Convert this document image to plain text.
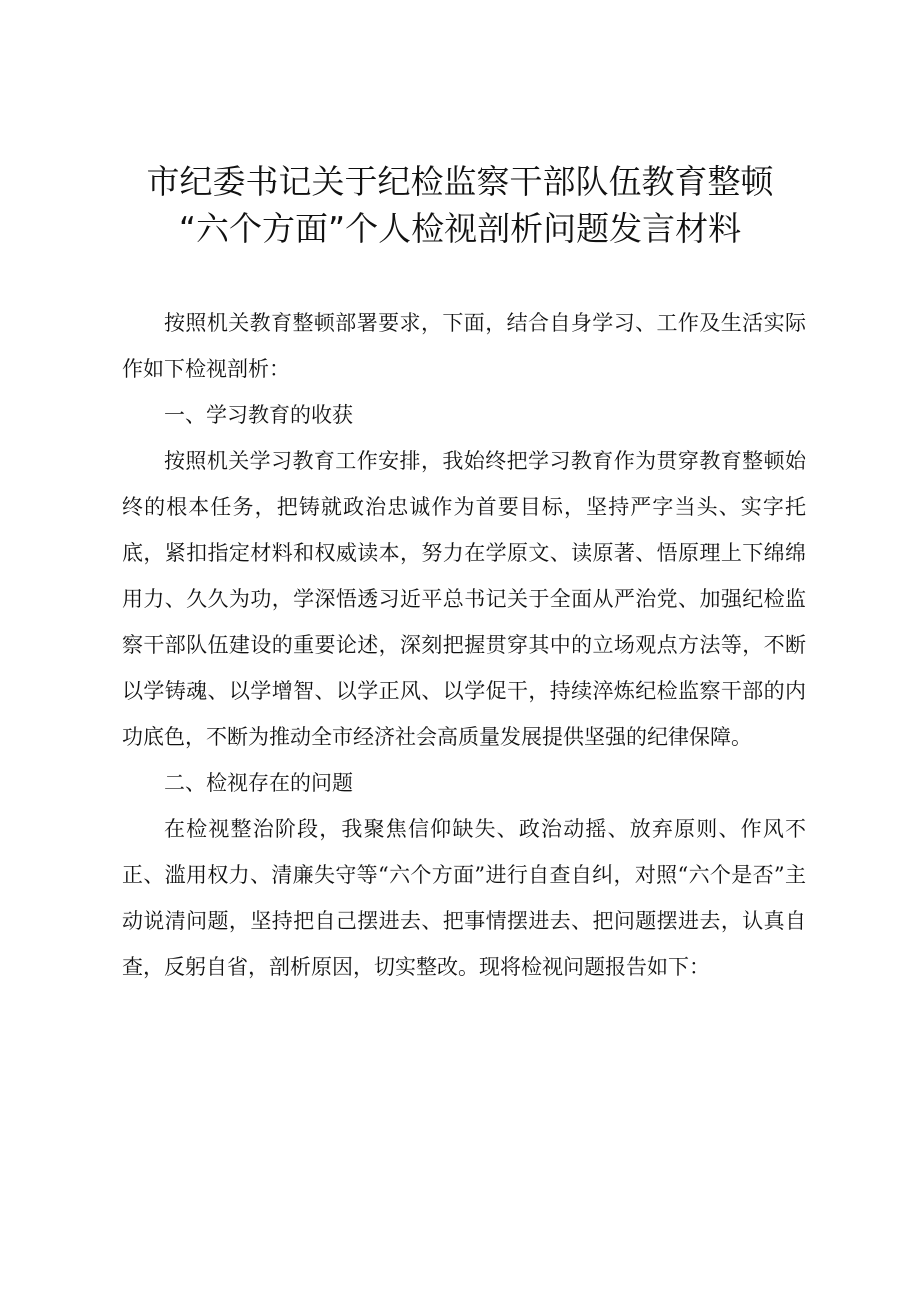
市纪委书记关于纪检监察干部队伍教育整顿
“六个方面”个人检视剖析问题发言材料

按照机关教育整顿部署要求，下面，结合自身学习、工作及生活实际作如下检视剖析：

一、学习教育的收获

按照机关学习教育工作安排，我始终把学习教育作为贯穿教育整顿始终的根本任务，把铸就政治忠诚作为首要目标，坚持严字当头、实字托底，紧扣指定材料和权威读本，努力在学原文、读原著、悟原理上下绵绵用力、久久为功，学深悟透习近平总书记关于全面从严治党、加强纪检监察干部队伍建设的重要论述，深刻把握贯穿其中的立场观点方法等，不断以学铸魂、以学增智、以学正风、以学促干，持续淬炼纪检监察干部的内功底色，不断为推动全市经济社会高质量发展提供坚强的纪律保障。

二、检视存在的问题

在检视整治阶段，我聚焦信仰缺失、政治动摇、放弃原则、作风不正、滥用权力、清廉失守等“六个方面”进行自查自纠，对照“六个是否”主动说清问题，坚持把自己摆进去、把事情摆进去、把问题摆进去，认真自查，反躬自省，剖析原因，切实整改。现将检视问题报告如下：
